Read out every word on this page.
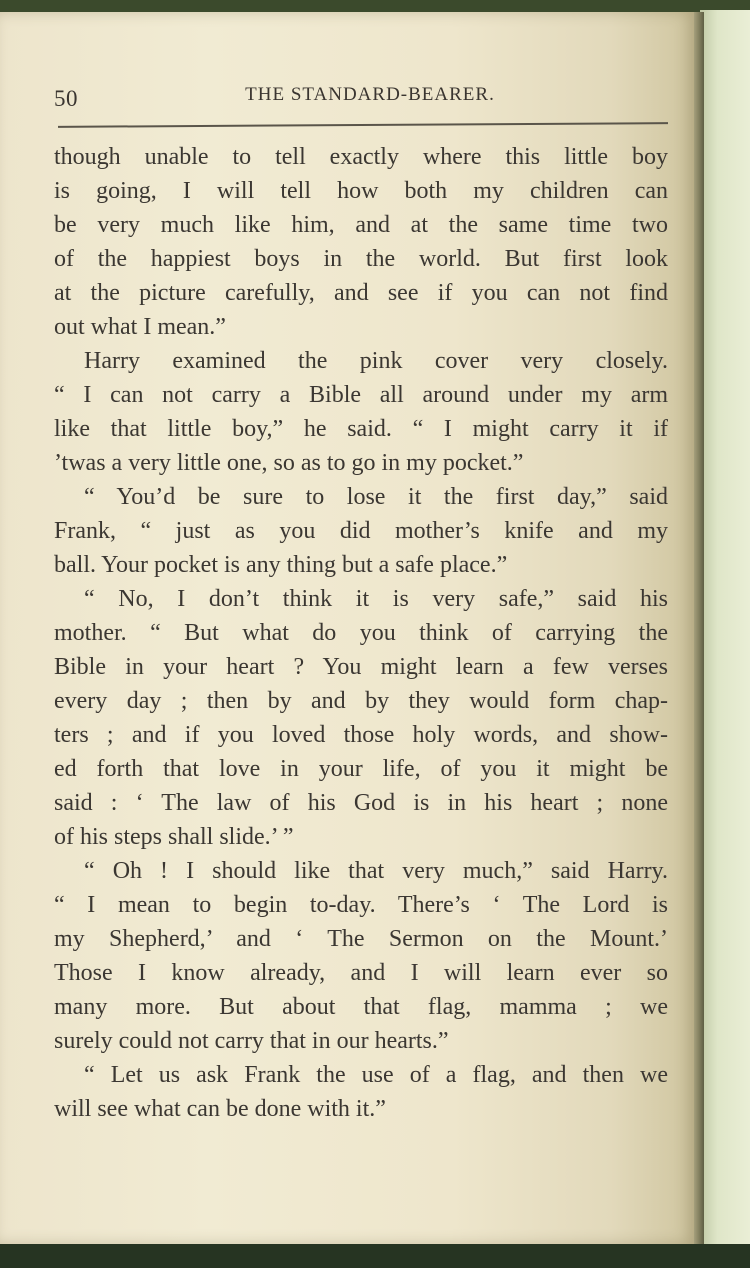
50	THE STANDARD-BEARER.
though unable to tell exactly where this little boy
is going, I will tell how both my children can
be very much like him, and at the same time two
of the happiest boys in the world. But first look
at the picture carefully, and see if you can not find
out what I mean.”
Harry examined the pink cover very closely.
“ I can not carry a Bible all around under my arm
like that little boy,” he said. “ I might carry it if
’twas a very little one, so as to go in my pocket.”
“ You’d be sure to lose it the first day,” said
Frank, “ just as you did mother’s knife and my
ball. Your pocket is any thing but a safe place.”
“ No, I don’t think it is very safe,” said his
mother. “ But what do you think of carrying the
Bible in your heart ? You might learn a few verses
every day ; then by and by they would form chap-
ters ; and if you loved those holy words, and show-
ed forth that love in your life, of you it might be
said : ‘ The law of his God is in his heart ; none
of his steps shall slide.’ ”
“ Oh ! I should like that very much,” said Harry.
“ I mean to begin to-day. There’s ‘ The Lord is
my Shepherd,’ and ‘ The Sermon on the Mount.’
Those I know already, and I will learn ever so
many more. But about that flag, mamma ; we
surely could not carry that in our hearts.”
“ Let us ask Frank the use of a flag, and then we
will see what can be done with it.”
